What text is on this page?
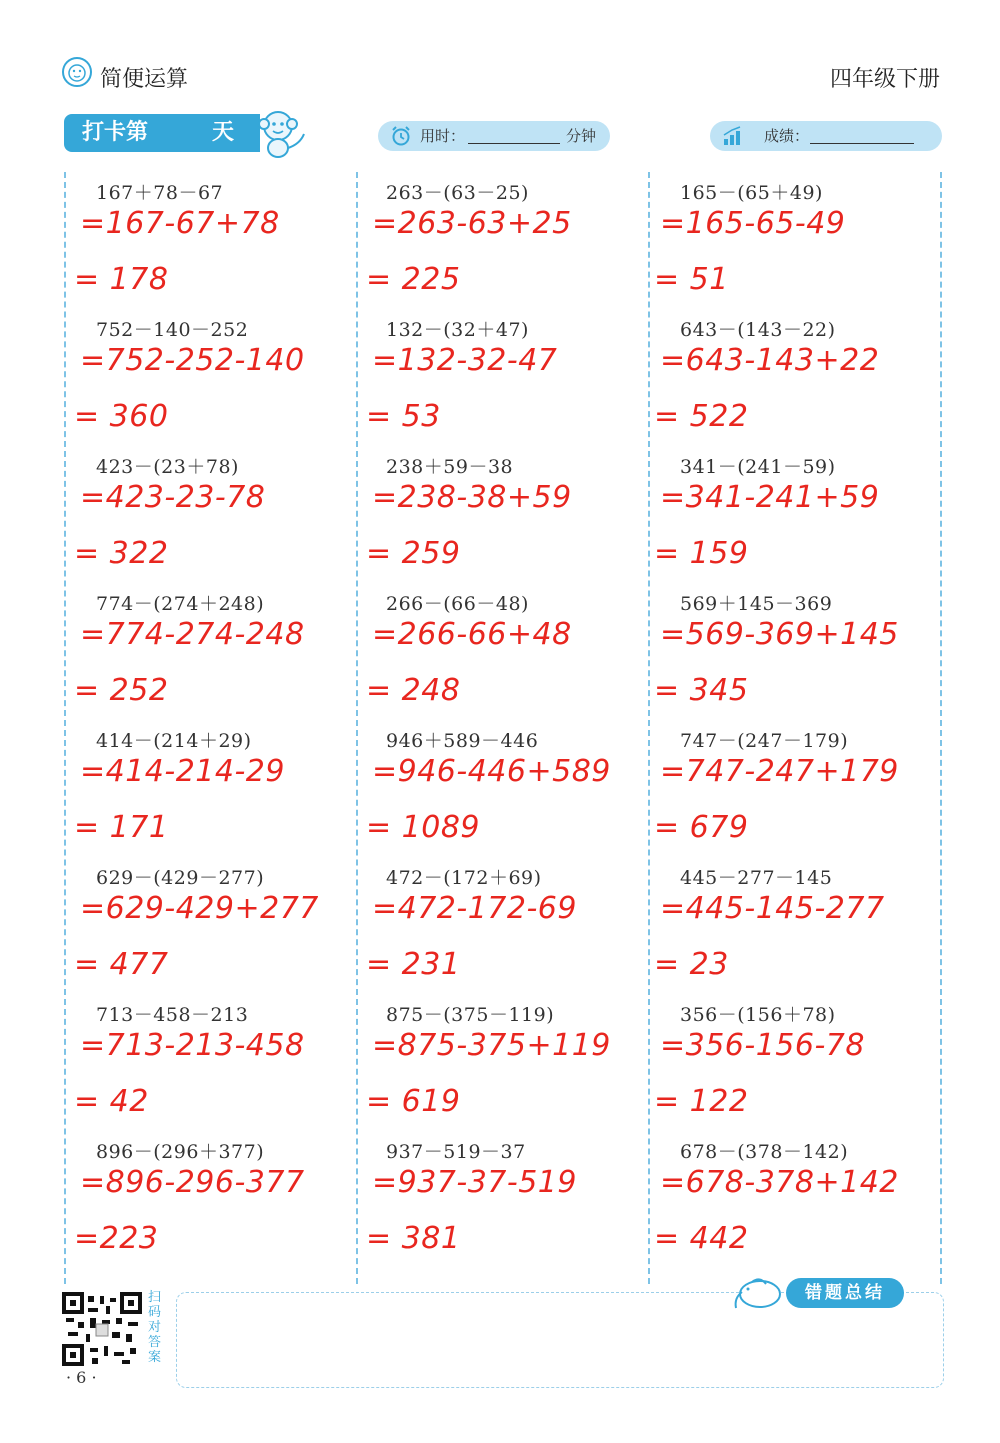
简便运算	四年级下册
打卡第	天	用时：	分钟	成绩：
167＋78－67
=167-67+78
= 178
752－140－252
=752-252-140
= 360
423－(23＋78)
=423-23-78
= 322
774－(274＋248)
=774-274-248
= 252
414－(214＋29)
=414-214-29
= 171
629－(429－277)
=629-429+277
= 477
713－458－213
=713-213-458
= 42
896－(296＋377)
=896-296-377
=223
263－(63－25)
=263-63+25
= 225
132－(32＋47)
=132-32-47
= 53
238＋59－38
=238-38+59
= 259
266－(66－48)
=266-66+48
= 248
946＋589－446
=946-446+589
= 1089
472－(172＋69)
=472-172-69
= 231
875－(375－119)
=875-375+119
= 619
937－519－37
=937-37-519
= 381
165－(65＋49)
=165-65-49
= 51
643－(143－22)
=643-143+22
= 522
341－(241－59)
=341-241+59
= 159
569＋145－369
=569-369+145
= 345
747－(247－179)
=747-247+179
= 679
445－277－145
=445-145-277
= 23
356－(156＋78)
=356-156-78
= 122
678－(378－142)
=678-378+142
= 442
错题总结
扫码对答案
· 6 ·
